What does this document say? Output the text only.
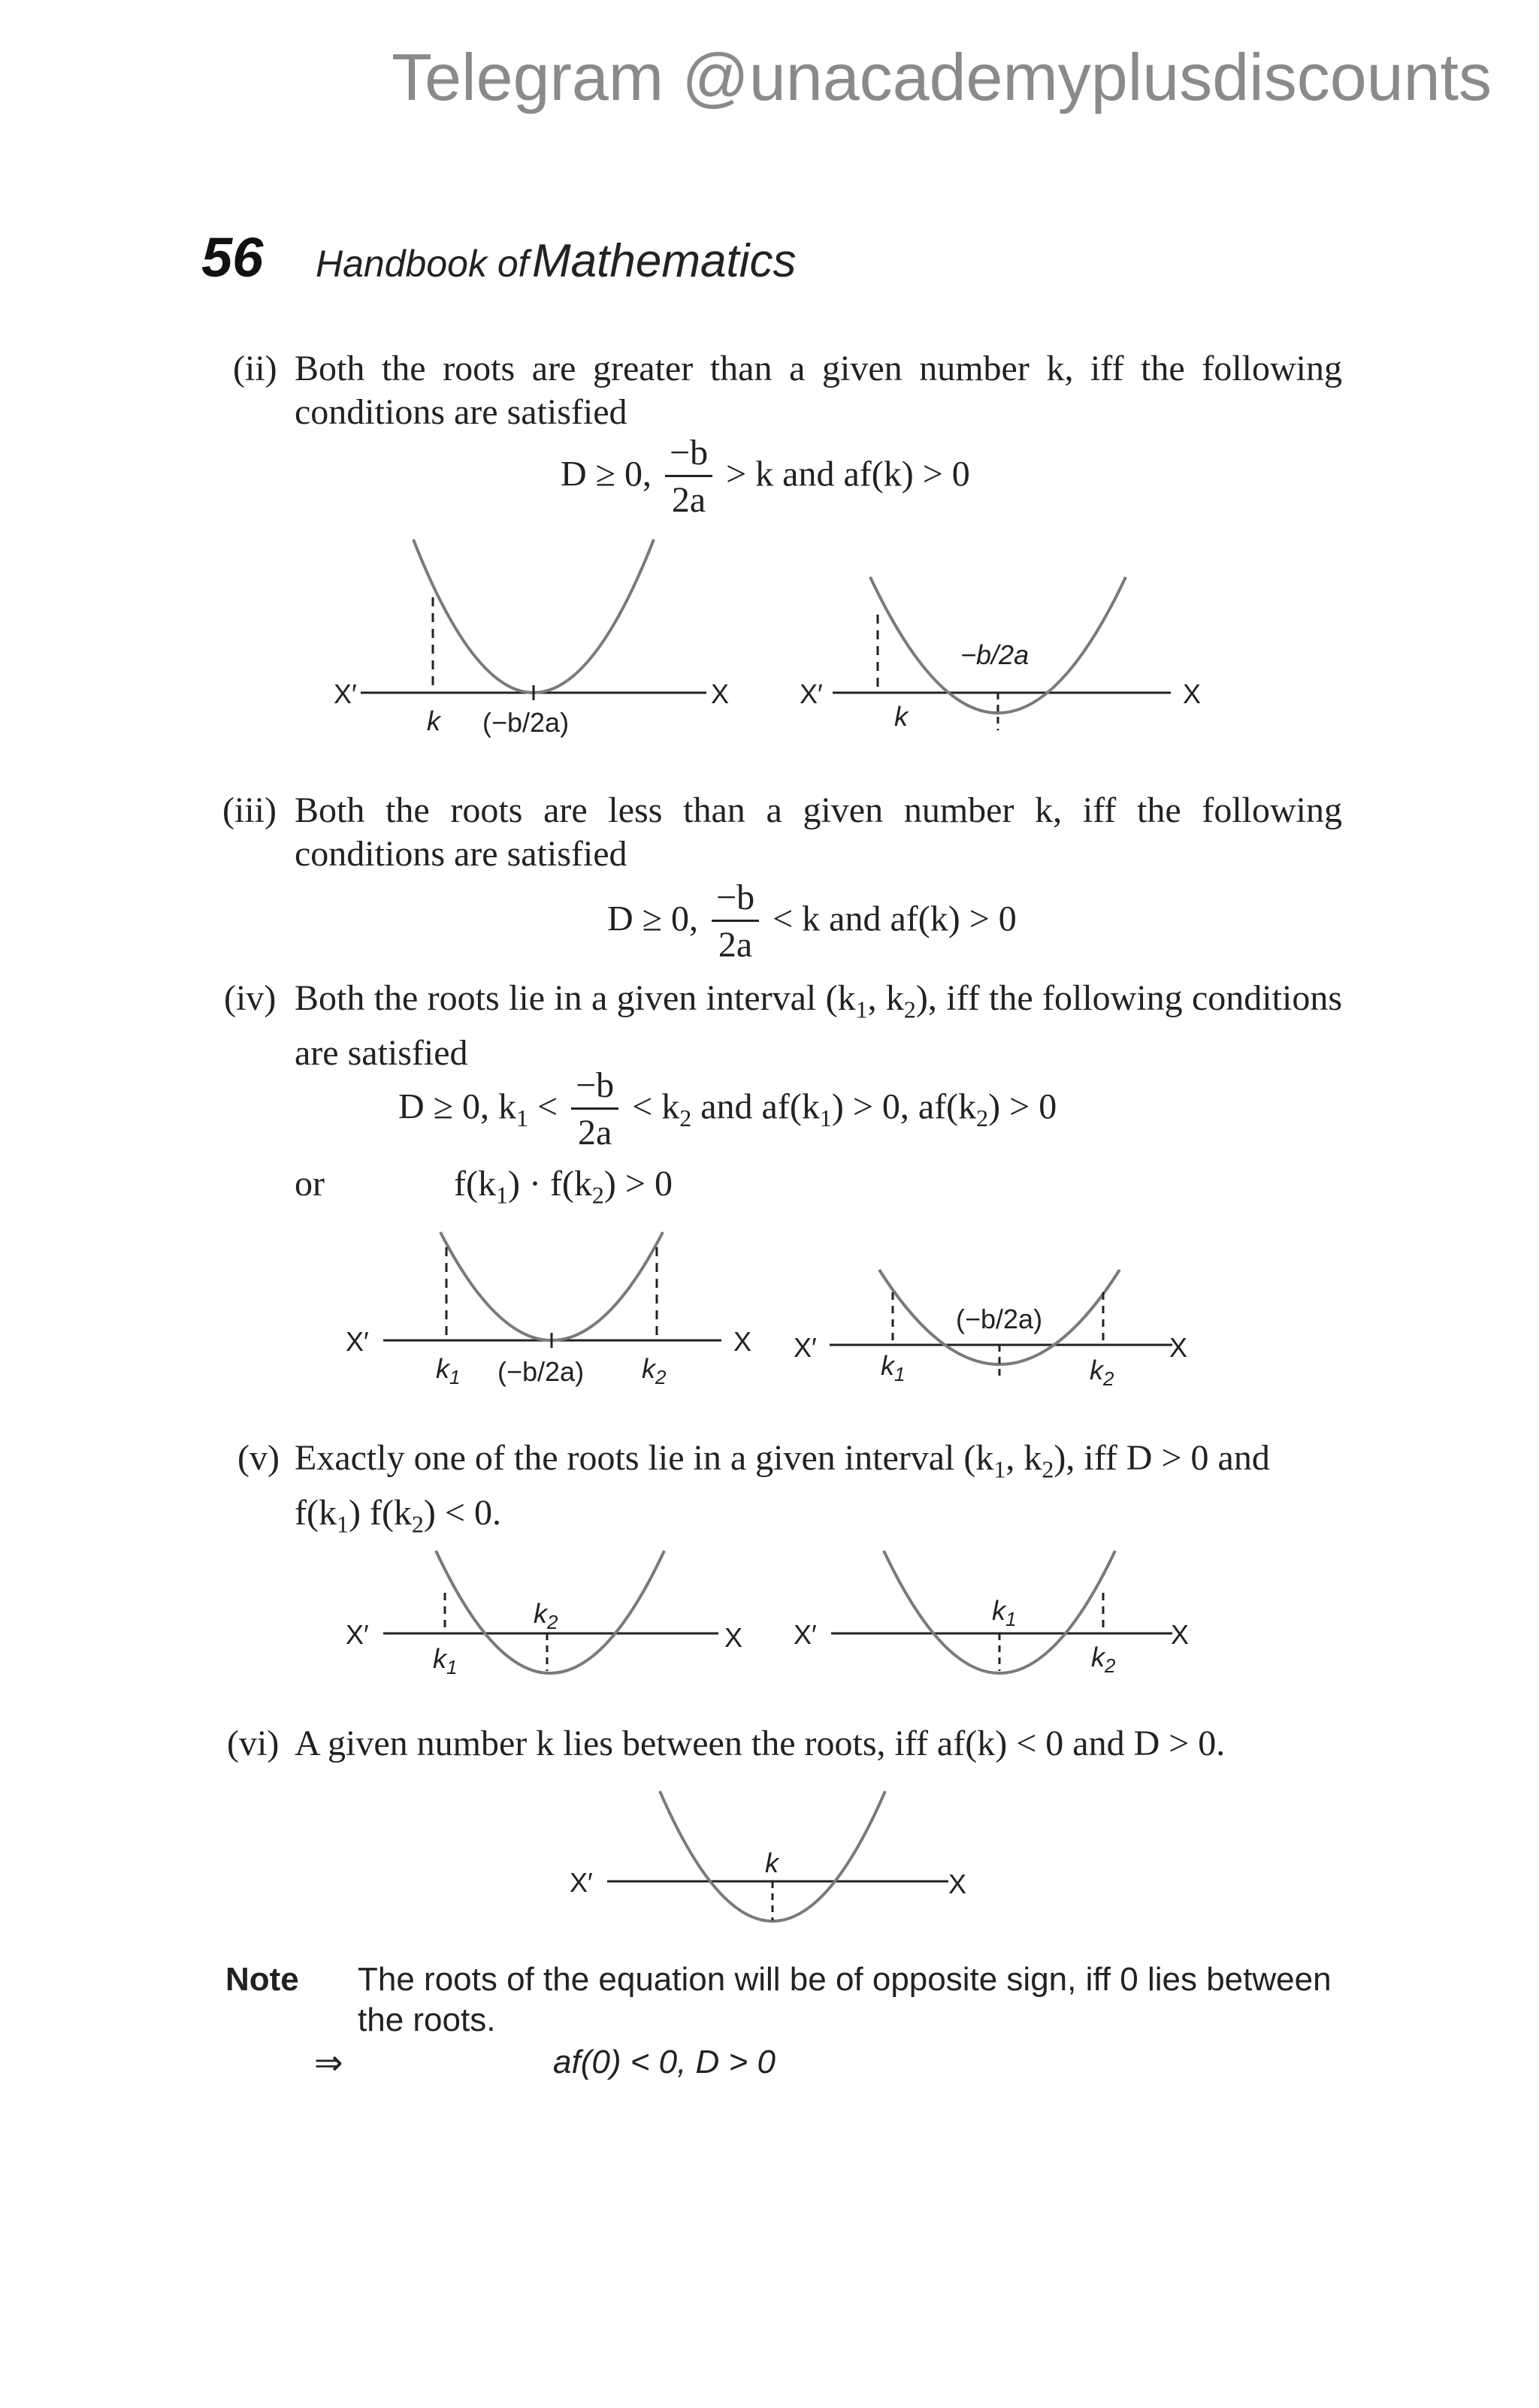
Telegram @unacademyplusdiscounts
56 Handbook of Mathematics
(ii) Both the roots are greater than a given number k, iff the following conditions are satisfied
D ≥ 0, $\frac{-b}{2a} > k$ and af(k) > 0
X′	X
k (−b/2a)
X′	X
k
−b/2a
(iii) Both the roots are less than a given number k, iff the following conditions are satisfied
D ≥ 0, $\frac{-b}{2a} < k$ and af(k) > 0
(iv) Both the roots lie in a given interval ($k_1$, $k_2$), iff the following conditions are satisfied
D ≥ 0, $k_1 < \frac{-b}{2a} < k_2$ and $af(k_1) > 0$, $af(k_2) > 0$
or	$f(k_1) \cdot f(k_2) > 0$
X′	X
$k_1$ (−b/2a) $k_2$
X′	X
$k_1$
(−b/2a)
$k_2$
(v) Exactly one of the roots lie in a given interval ($k_1$, $k_2$), iff D > 0 and
$f(k_1) f(k_2) < 0$.
X′	X
$k_1$
$k_2$	X′	X
$k_1$
$k_2$
(vi) A given number k lies between the roots, iff af(k) < 0 and D > 0.
X′	X
k
Note The roots of the equation will be of opposite sign, iff 0 lies between the roots.
⇒	af(0) < 0, D > 0
